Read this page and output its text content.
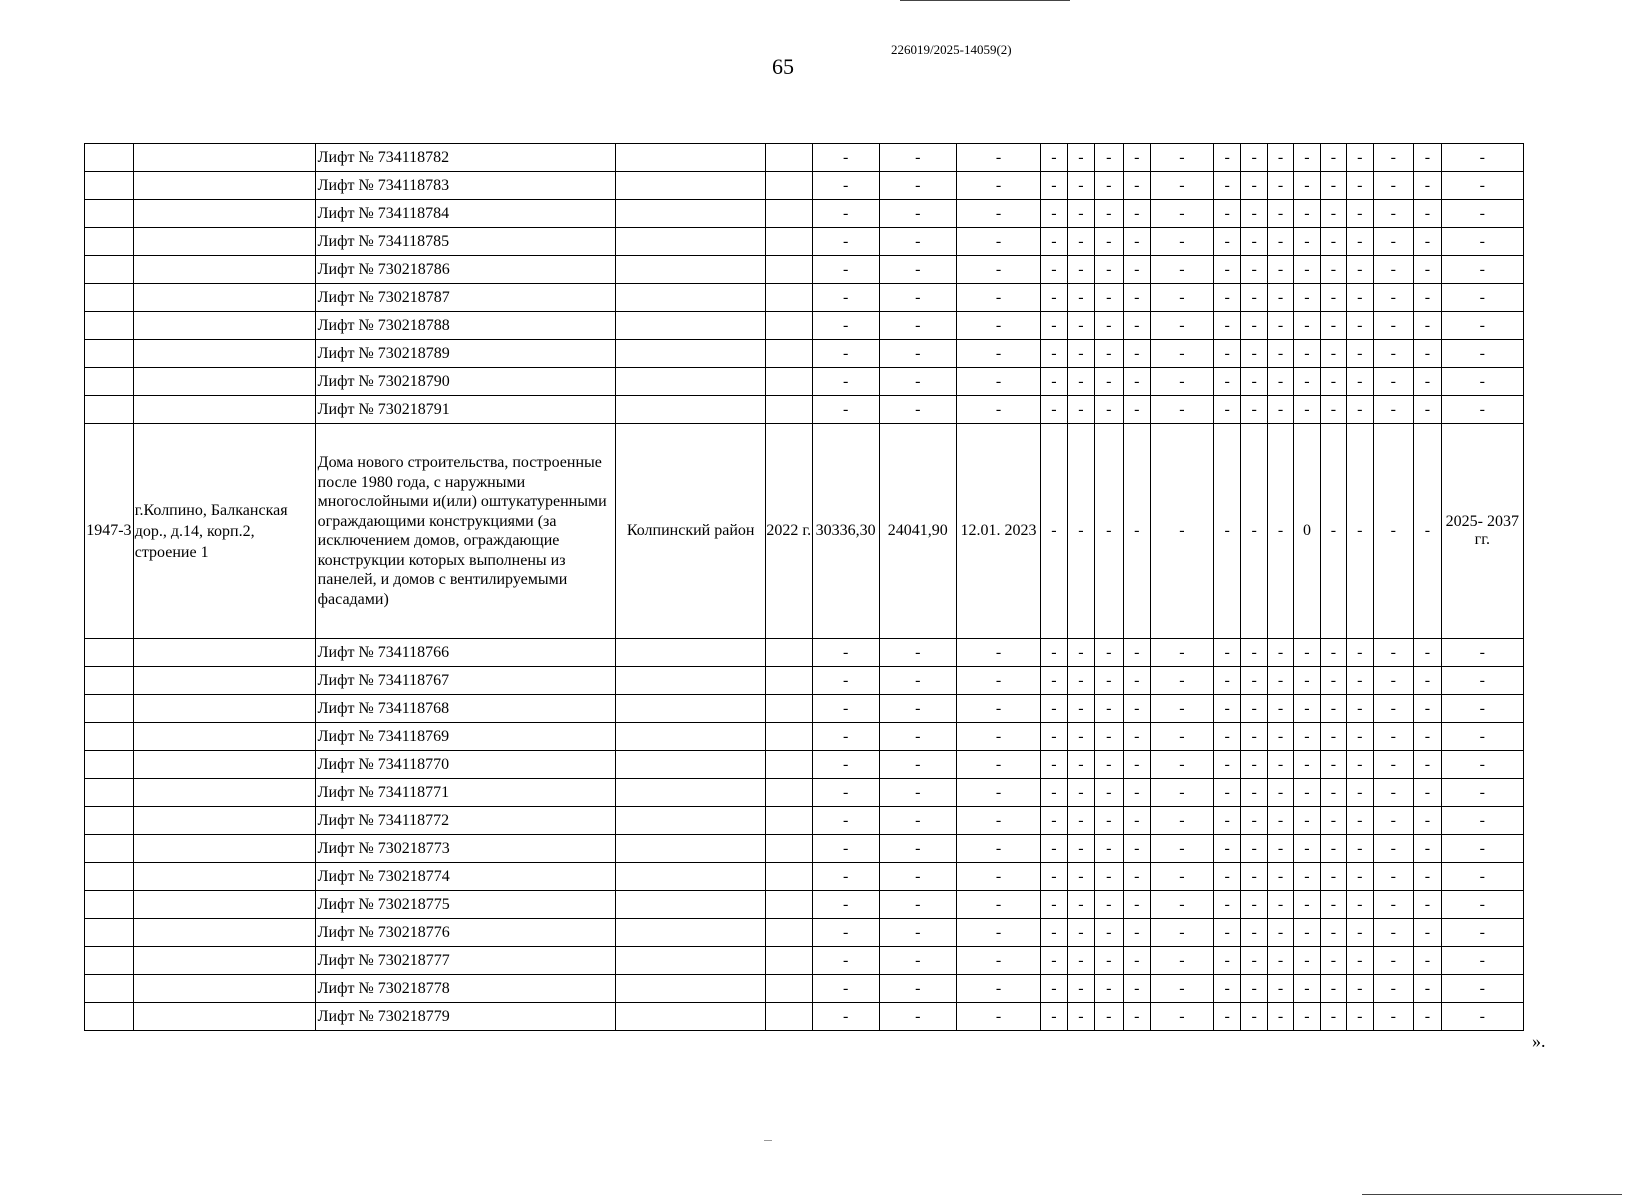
65
226019/2025-14059(2)
		Лифт № 734118782			-	-	-	-	-	-	-	-	-	-	-	-	-	-	-	-	-
		Лифт № 734118783			-	-	-	-	-	-	-	-	-	-	-	-	-	-	-	-	-
		Лифт № 734118784			-	-	-	-	-	-	-	-	-	-	-	-	-	-	-	-	-
		Лифт № 734118785			-	-	-	-	-	-	-	-	-	-	-	-	-	-	-	-	-
		Лифт № 730218786			-	-	-	-	-	-	-	-	-	-	-	-	-	-	-	-	-
		Лифт № 730218787			-	-	-	-	-	-	-	-	-	-	-	-	-	-	-	-	-
		Лифт № 730218788			-	-	-	-	-	-	-	-	-	-	-	-	-	-	-	-	-
		Лифт № 730218789			-	-	-	-	-	-	-	-	-	-	-	-	-	-	-	-	-
		Лифт № 730218790			-	-	-	-	-	-	-	-	-	-	-	-	-	-	-	-	-
		Лифт № 730218791			-	-	-	-	-	-	-	-	-	-	-	-	-	-	-	-	-
1947-3	г.Колпино, Балканская дор., д.14, корп.2, строение 1	Дома нового строительства, построенные после 1980 года, с наружными многослойными и(или) оштукатуренными ограждающими конструкциями (за исключением домов, ограждающие конструкции которых выполнены из панелей, и домов с вентилируемыми фасадами)	Колпинский район	2022 г.	30336,30	24041,90	12.01. 2023	-	-	-	-	-	-	-	-	0	-	-	-	-	2025- 2037 гг.
		Лифт № 734118766			-	-	-	-	-	-	-	-	-	-	-	-	-	-	-	-	-
		Лифт № 734118767			-	-	-	-	-	-	-	-	-	-	-	-	-	-	-	-	-
		Лифт № 734118768			-	-	-	-	-	-	-	-	-	-	-	-	-	-	-	-	-
		Лифт № 734118769			-	-	-	-	-	-	-	-	-	-	-	-	-	-	-	-	-
		Лифт № 734118770			-	-	-	-	-	-	-	-	-	-	-	-	-	-	-	-	-
		Лифт № 734118771			-	-	-	-	-	-	-	-	-	-	-	-	-	-	-	-	-
		Лифт № 734118772			-	-	-	-	-	-	-	-	-	-	-	-	-	-	-	-	-
		Лифт № 730218773			-	-	-	-	-	-	-	-	-	-	-	-	-	-	-	-	-
		Лифт № 730218774			-	-	-	-	-	-	-	-	-	-	-	-	-	-	-	-	-
		Лифт № 730218775			-	-	-	-	-	-	-	-	-	-	-	-	-	-	-	-	-
		Лифт № 730218776			-	-	-	-	-	-	-	-	-	-	-	-	-	-	-	-	-
		Лифт № 730218777			-	-	-	-	-	-	-	-	-	-	-	-	-	-	-	-	-
		Лифт № 730218778			-	-	-	-	-	-	-	-	-	-	-	-	-	-	-	-	-
		Лифт № 730218779			-	-	-	-	-	-	-	-	-	-	-	-	-	-	-	-	-
».
